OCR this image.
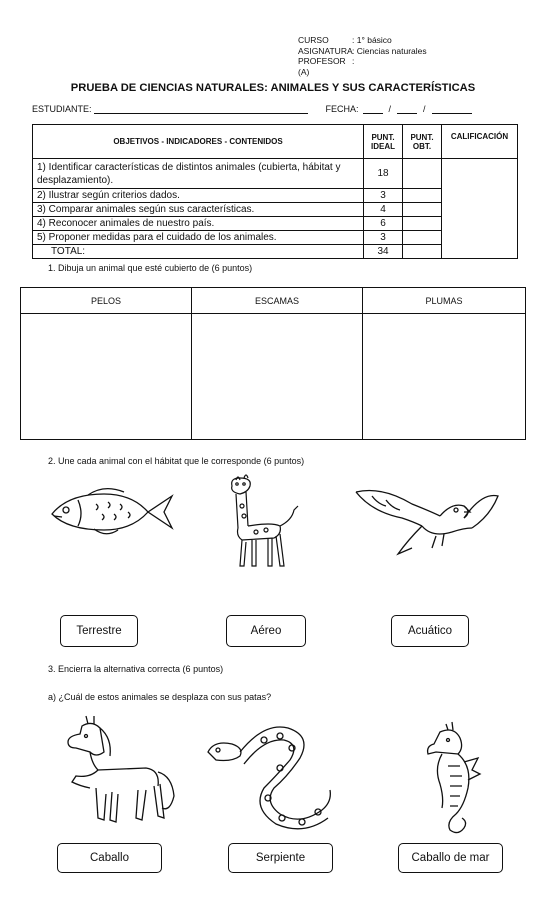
CURSO	: 1° básico
ASIGNATURA : Ciencias naturales
PROFESOR (A)
:
PRUEBA DE CIENCIAS NATURALES: ANIMALES Y SUS CARACTERÍSTICAS
ESTUDIANTE:	FECHA:	/	/
OBJETIVOS - INDICADORES - CONTENIDOS	PUNT. IDEAL	PUNT. OBT.	CALIFICACIÓN
1) Identificar características de distintos animales (cubierta, hábitat y desplazamiento).	18		
2) Ilustrar según criterios dados.	3		
3) Comparar animales según sus características.	4		
4) Reconocer animales de nuestro país.	6		
5) Proponer medidas para el cuidado de los animales.	3		
TOTAL:	34		
1. Dibuja un animal que esté cubierto de (6 puntos)
PELOS	ESCAMAS	PLUMAS

2. Une cada animal con el hábitat que le corresponde (6 puntos)
Terrestre	Aéreo	Acuático
3. Encierra la alternativa correcta (6 puntos)
a) ¿Cuál de estos animales se desplaza con sus patas?
Caballo	Serpiente	Caballo de mar
